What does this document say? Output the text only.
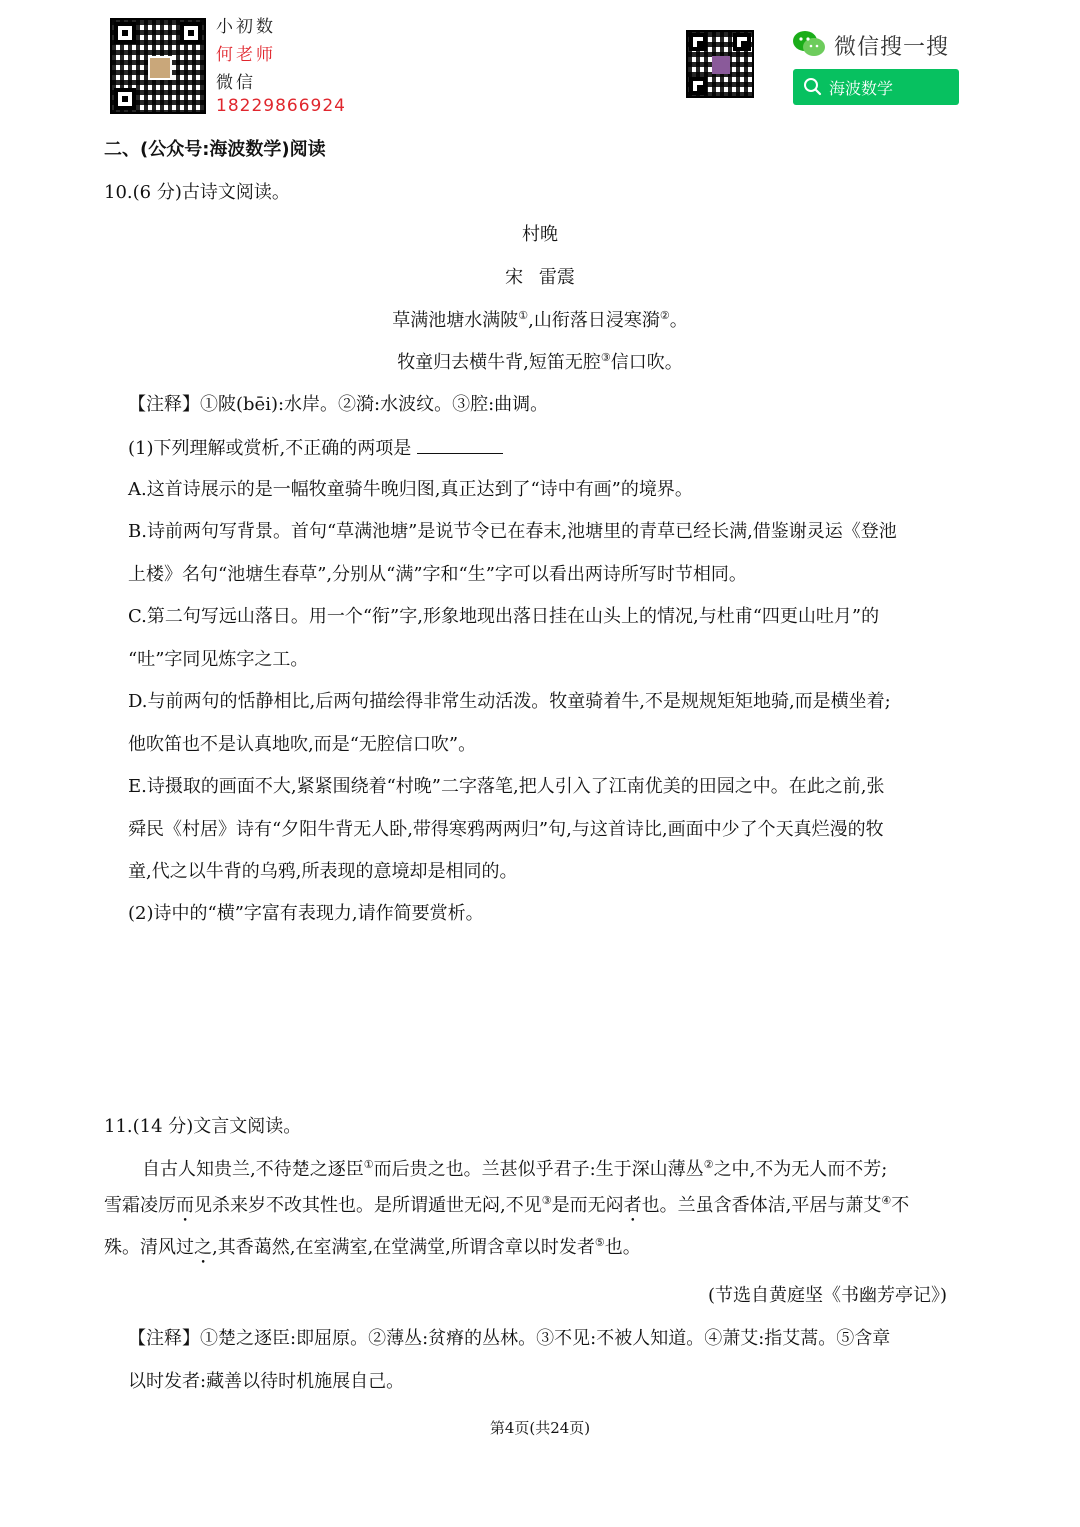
小初数
何老师
微信
18229866924
微信搜一搜
海波数学
二、(公众号:海波数学)阅读
10.(6 分)古诗文阅读。
村晚
宋 雷震
草满池塘水满陂①,山衔落日浸寒漪②。
牧童归去横牛背,短笛无腔③信口吹。
【注释】①陂(bēi):水岸。②漪:水波纹。③腔:曲调。
(1)下列理解或赏析,不正确的两项是
A.这首诗展示的是一幅牧童骑牛晚归图,真正达到了“诗中有画”的境界。
B.诗前两句写背景。首句“草满池塘”是说节令已在春末,池塘里的青草已经长满,借鉴谢灵运《登池
上楼》名句“池塘生春草”,分别从“满”字和“生”字可以看出两诗所写时节相同。
C.第二句写远山落日。用一个“衔”字,形象地现出落日挂在山头上的情况,与杜甫“四更山吐月”的
“吐”字同见炼字之工。
D.与前两句的恬静相比,后两句描绘得非常生动活泼。牧童骑着牛,不是规规矩矩地骑,而是横坐着;
他吹笛也不是认真地吹,而是“无腔信口吹”。
E.诗摄取的画面不大,紧紧围绕着“村晚”二字落笔,把人引入了江南优美的田园之中。在此之前,张
舜民《村居》诗有“夕阳牛背无人卧,带得寒鸦两两归”句,与这首诗比,画面中少了个天真烂漫的牧
童,代之以牛背的乌鸦,所表现的意境却是相同的。
(2)诗中的“横”字富有表现力,请作简要赏析。
11.(14 分)文言文阅读。
自古人知贵兰,不待楚之逐臣①而后贵之也。兰甚似乎君子:生于深山薄丛②之中,不为无人而不芳;
雪霜凌厉而见杀来岁不改其性也。是所谓遁世无闷,不见③是而无闷者也。兰虽含香体洁,平居与萧艾④不
殊。清风过之,其香蔼然,在室满室,在堂满堂,所谓含章以时发者⑤也。
(节选自黄庭坚《书幽芳亭记》)
【注释】①楚之逐臣:即屈原。②薄丛:贫瘠的丛林。③不见:不被人知道。④萧艾:指艾蒿。⑤含章
以时发者:藏善以待时机施展自己。
第4页(共24页)
